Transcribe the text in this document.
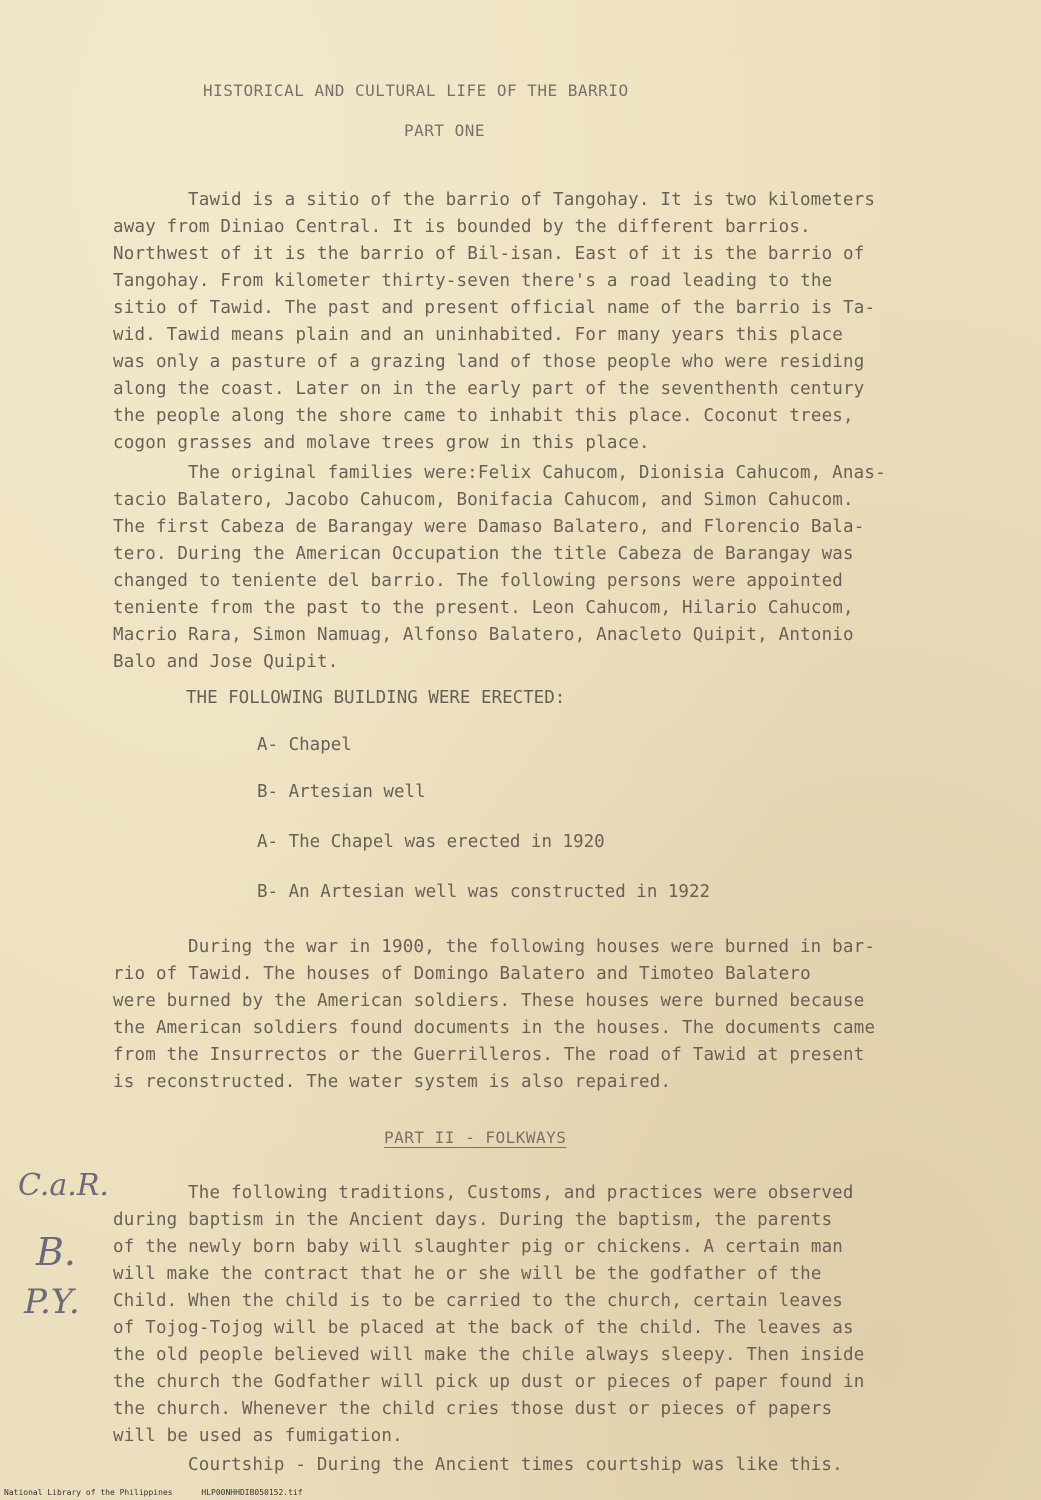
HISTORICAL AND CULTURAL LIFE OF THE BARRIO
PART ONE
Tawid is a sitio of the barrio of Tangohay. It is two kilometers
away from Diniao Central. It is bounded by the different barrios.
Northwest of it is the barrio of Bil-isan. East of it is the barrio of
Tangohay. From kilometer thirty-seven there's a road leading to the
sitio of Tawid. The past and present official name of the barrio is Ta-
wid. Tawid means plain and an uninhabited. For many years this place
was only a pasture of a grazing land of those people who were residing
along the coast. Later on in the early part of the seventhenth century
the people along the shore came to inhabit this place. Coconut trees,
cogon grasses and molave trees grow in this place.
The original families were:Felix Cahucom, Dionisia Cahucom, Anas-
tacio Balatero, Jacobo Cahucom, Bonifacia Cahucom, and Simon Cahucom.
The first Cabeza de Barangay were Damaso Balatero, and Florencio Bala-
tero. During the American Occupation the title Cabeza de Barangay was
changed to teniente del barrio. The following persons were appointed
teniente from the past to the present. Leon Cahucom, Hilario Cahucom,
Macrio Rara, Simon Namuag, Alfonso Balatero, Anacleto Quipit, Antonio
Balo and Jose Quipit.
THE FOLLOWING BUILDING WERE ERECTED:
A- Chapel
B- Artesian well
A- The Chapel was erected in 1920
B- An Artesian well was constructed in 1922
During the war in 1900, the following houses were burned in bar-
rio of Tawid. The houses of Domingo Balatero and Timoteo Balatero
were burned by the American soldiers. These houses were burned because
the American soldiers found documents in the houses. The documents came
from the Insurrectos or the Guerrilleros. The road of Tawid at present
is reconstructed. The water system is also repaired.
PART II - FOLKWAYS
The following traditions, Customs, and practices were observed
during baptism in the Ancient days. During the baptism, the parents
of the newly born baby will slaughter pig or chickens. A certain man
will make the contract that he or she will be the godfather of the
Child. When the child is to be carried to the church, certain leaves
of Tojog-Tojog will be placed at the back of the child. The leaves as
the old people believed will make the chile always sleepy. Then inside
the church the Godfather will pick up dust or pieces of paper found in
the church. Whenever the child cries those dust or pieces of papers
will be used as fumigation.
Courtship - During the Ancient times courtship was like this.
C.a.R.
B.
P.Y.
National Library of the Philippines	HLP00NHHDIB050152.tif
